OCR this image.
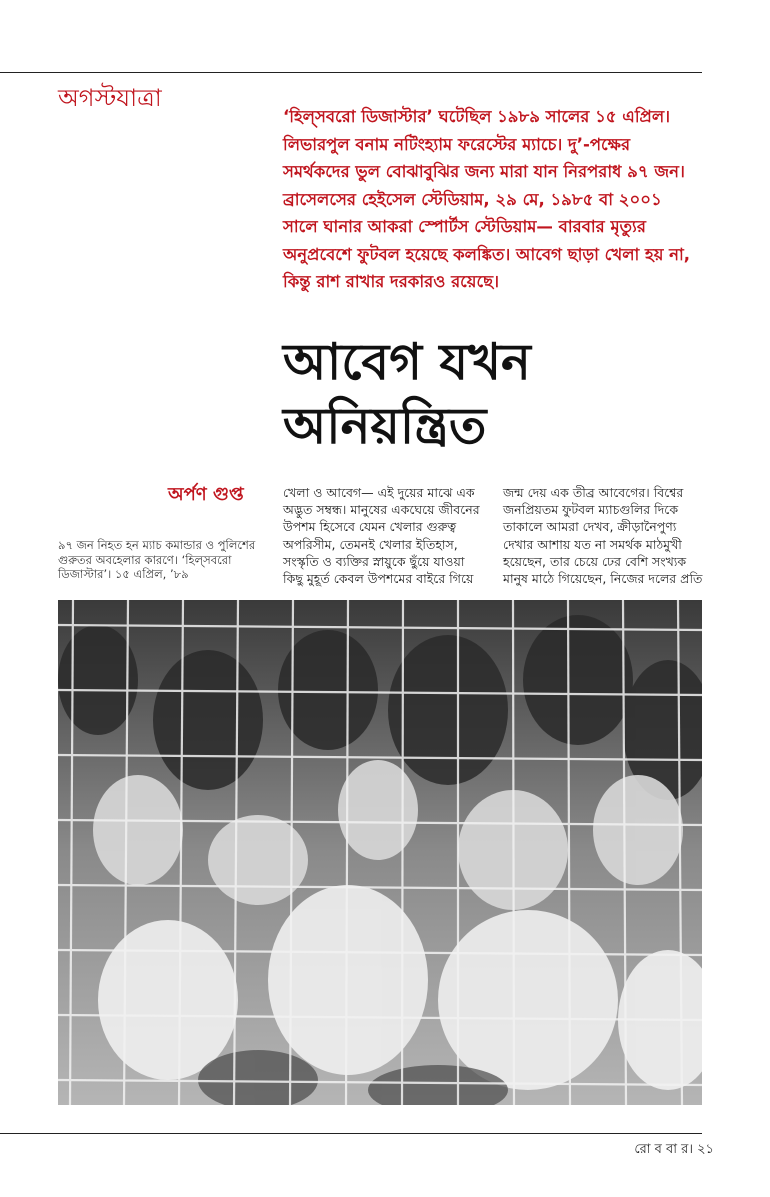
অগস্টযাত্রা
‘হিল্‌সবরো ডিজাস্টার’ ঘটেছিল ১৯৮৯ সালের ১৫ এপ্রিল। লিভারপুল বনাম নটিংহ্যাম ফরেস্টের ম্যাচে। দু’-পক্ষের সমর্থকদের ভুল বোঝাবুঝির জন্য মারা যান নিরপরাধ ৯৭ জন। ব্রাসেলসের হেইসেল স্টেডিয়াম, ২৯ মে, ১৯৮৫ বা ২০০১ সালে ঘানার আকরা স্পোর্টস স্টেডিয়াম— বারবার মৃত্যুর অনুপ্রবেশে ফুটবল হয়েছে কলঙ্কিত। আবেগ ছাড়া খেলা হয় না, কিন্তু রাশ রাখার দরকারও রয়েছে।
আবেগ যখন
অনিয়ন্ত্রিত
অর্পণ গুপ্ত
৯৭ জন নিহত হন ম্যাচ কমান্ডার ও পুলিশের গুরুতর অবহেলার কারণে। ‘হিল্‌সবরো ডিজাস্টার’। ১৫ এপ্রিল, ’৮৯

খেলা ও আবেগ— এই দুয়ের মাঝে এক অদ্ভুত সম্বন্ধ। মানুষের একঘেয়ে জীবনের উপশম হিসেবে যেমন খেলার গুরুত্ব অপরিসীম, তেমনই খেলার ইতিহাস, সংস্কৃতি ও ব্যক্তির স্নায়ুকে ছুঁয়ে যাওয়া কিছু মুহূর্ত কেবল উপশমের বাইরে গিয়ে

জন্ম দেয় এক তীব্র আবেগের। বিশ্বের জনপ্রিয়তম ফুটবল ম্যাচগুলির দিকে তাকালে আমরা দেখব, ক্রীড়ানৈপুণ্য দেখার আশায় যত না সমর্থক মাঠমুখী হয়েছেন, তার চেয়ে ঢের বেশি সংখ্যক মানুষ মাঠে গিয়েছেন, নিজের দলের প্রতি

রো ব বা র। ২১
